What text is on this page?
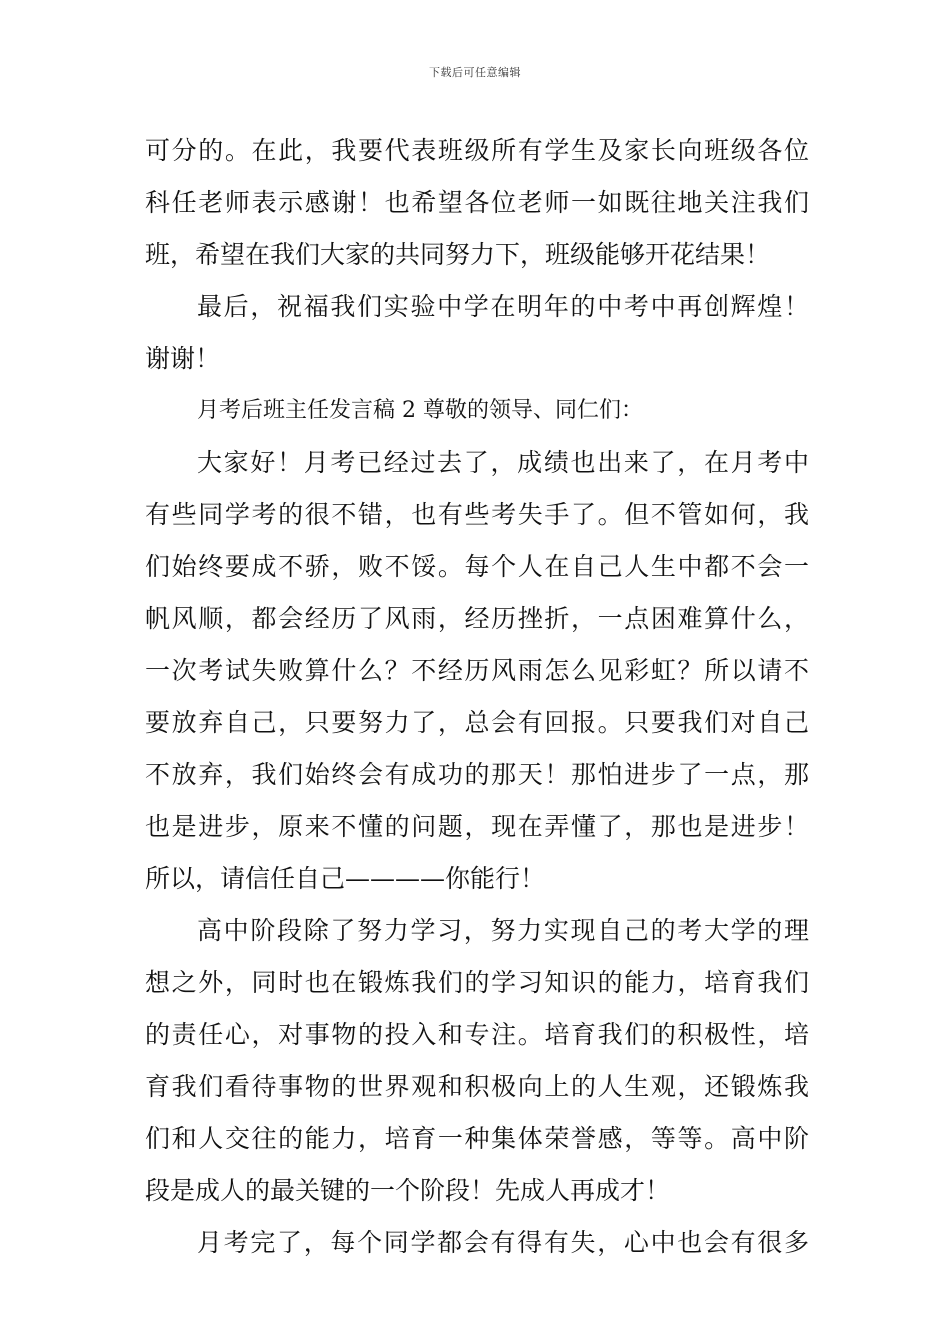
下载后可任意编辑
可分的。在此，我要代表班级所有学生及家长向班级各位
科任老师表示感谢！也希望各位老师一如既往地关注我们
班，希望在我们大家的共同努力下，班级能够开花结果！
最后，祝福我们实验中学在明年的中考中再创辉煌！
谢谢！
月考后班主任发言稿 2 尊敬的领导、同仁们：
大家好！月考已经过去了，成绩也出来了，在月考中
有些同学考的很不错，也有些考失手了。但不管如何，我
们始终要成不骄，败不馁。每个人在自己人生中都不会一
帆风顺，都会经历了风雨，经历挫折，一点困难算什么，
一次考试失败算什么？不经历风雨怎么见彩虹？所以请不
要放弃自己，只要努力了，总会有回报。只要我们对自己
不放弃，我们始终会有成功的那天！那怕进步了一点，那
也是进步，原来不懂的问题，现在弄懂了，那也是进步！
所以，请信任自己————你能行！
高中阶段除了努力学习，努力实现自己的考大学的理
想之外，同时也在锻炼我们的学习知识的能力，培育我们
的责任心，对事物的投入和专注。培育我们的积极性，培
育我们看待事物的世界观和积极向上的人生观，还锻炼我
们和人交往的能力，培育一种集体荣誉感，等等。高中阶
段是成人的最关键的一个阶段！先成人再成才！
月考完了，每个同学都会有得有失，心中也会有很多
